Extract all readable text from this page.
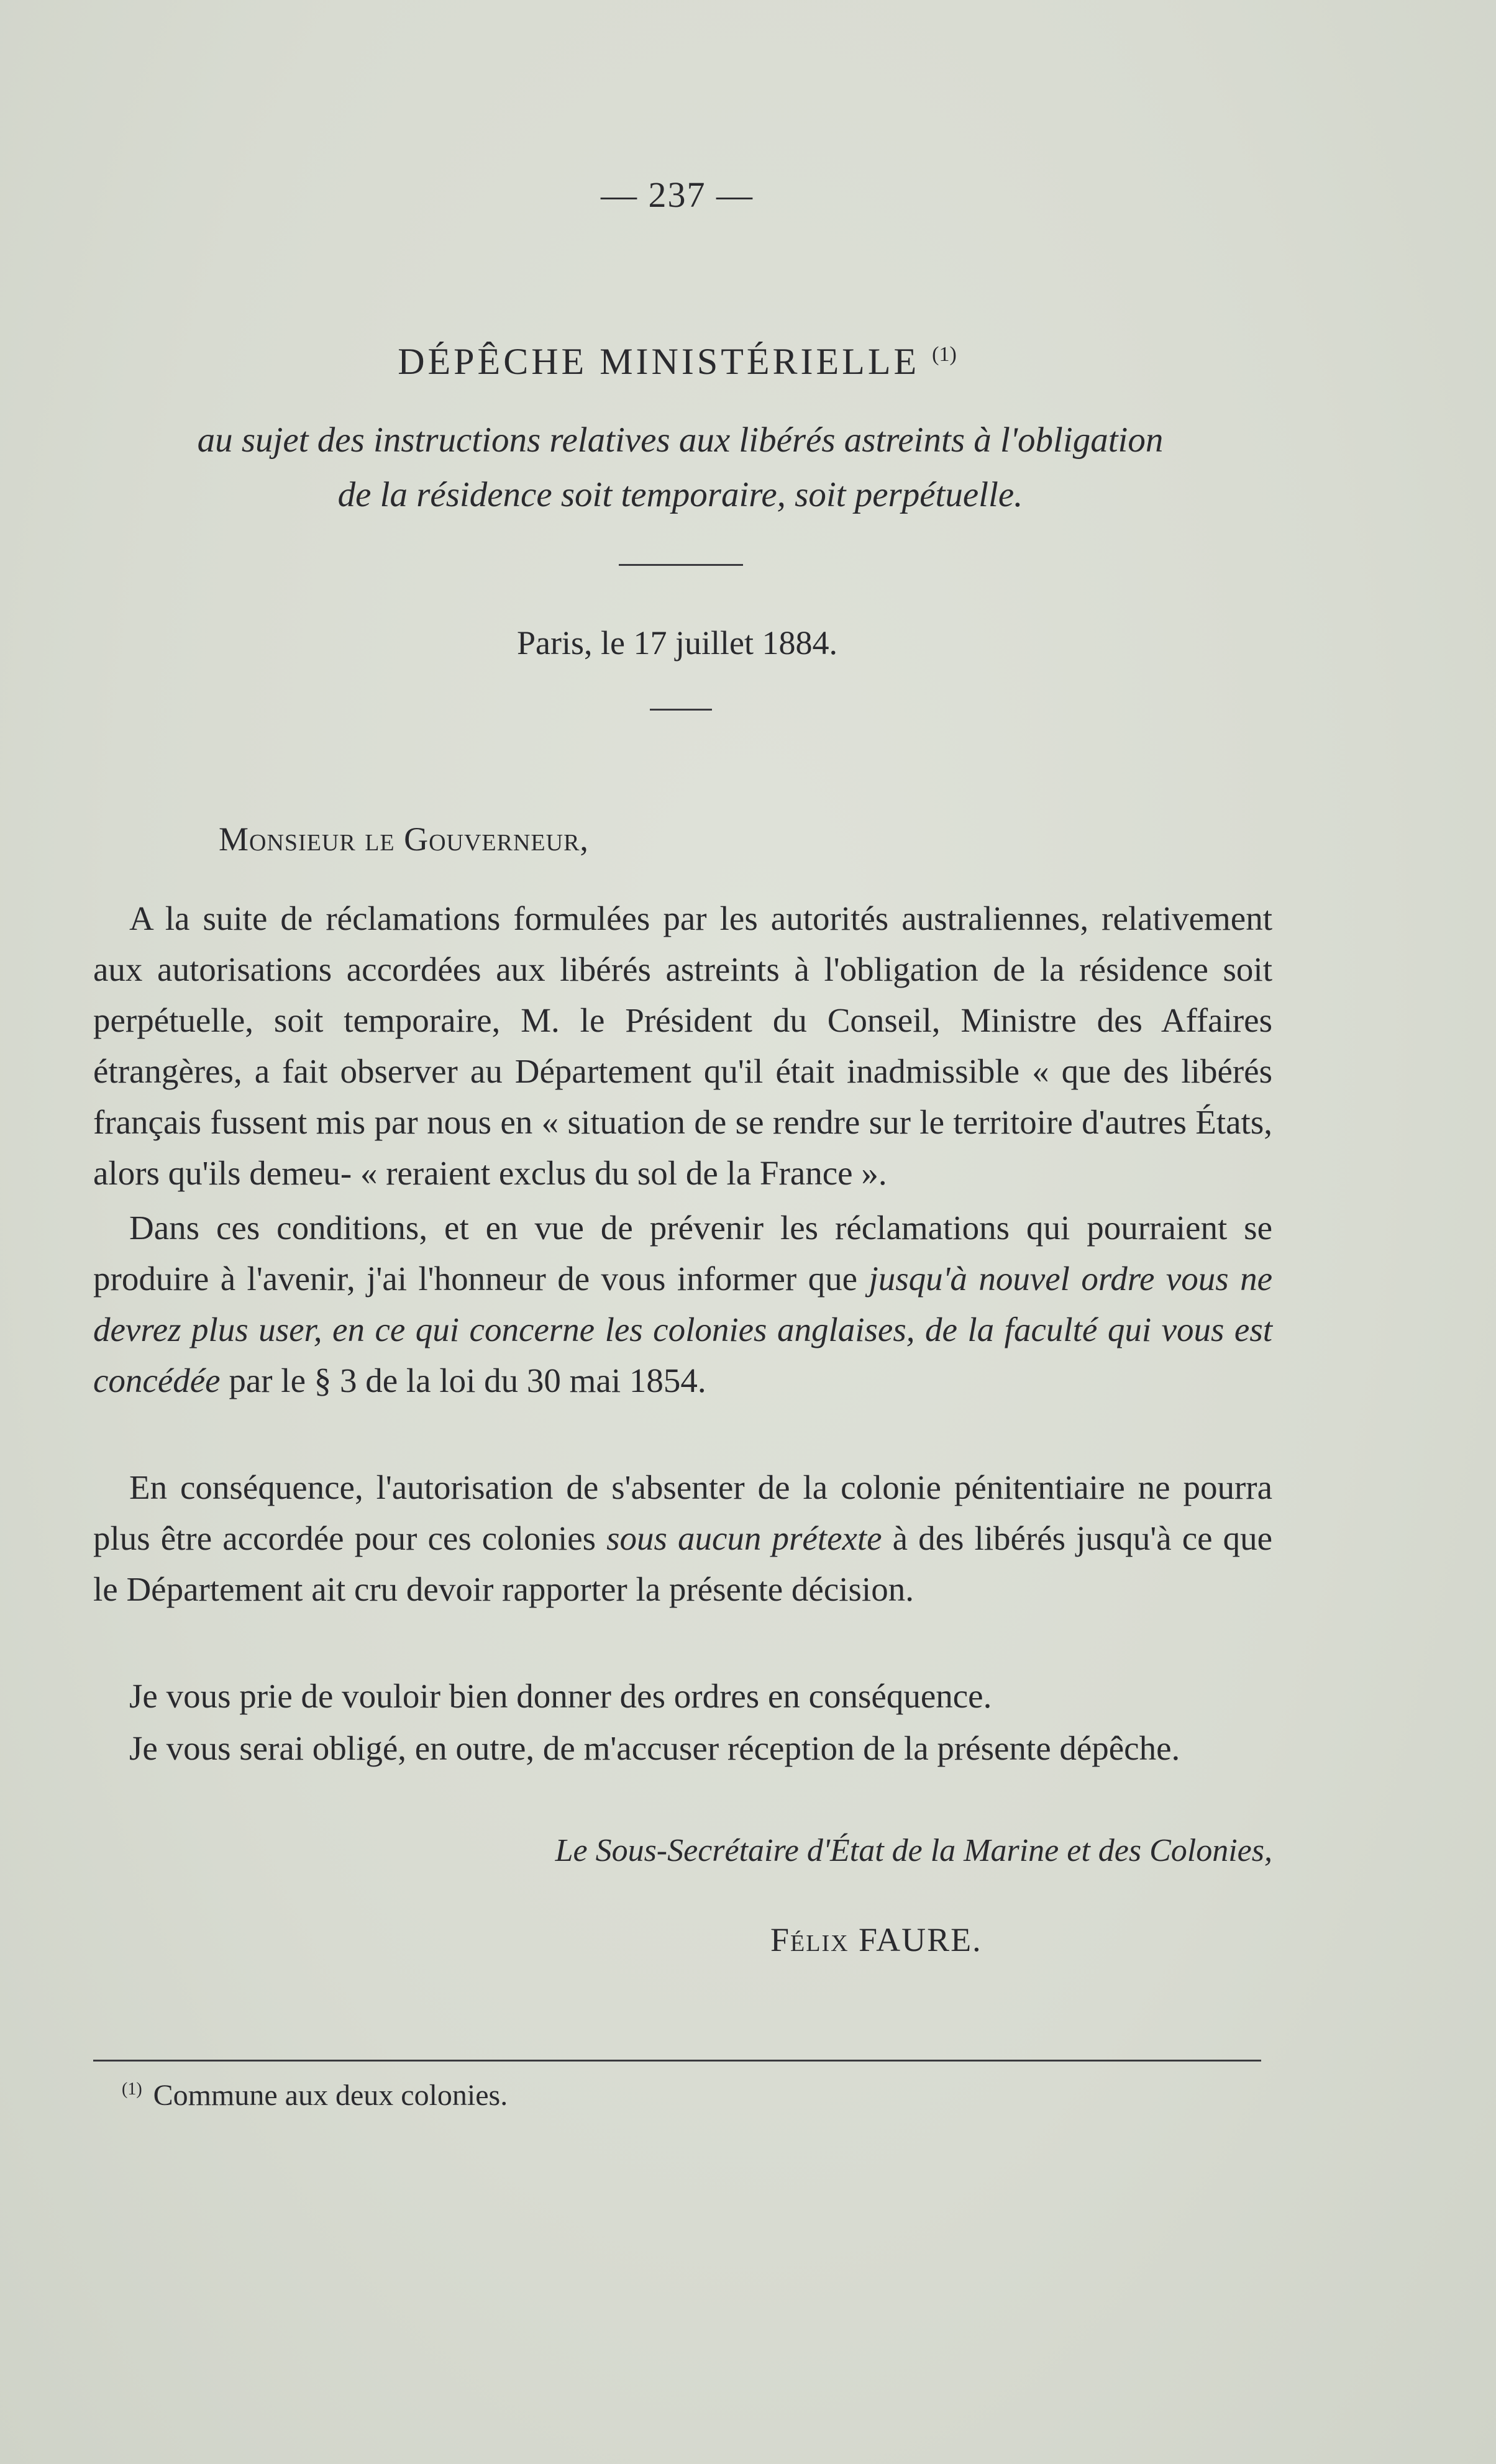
— 237 —
DÉPÊCHE MINISTÉRIELLE $^{(1)}$
au sujet des instructions relatives aux libérés astreints à l'obligation
de la résidence soit temporaire, soit perpétuelle.
Paris, le 17 juillet 1884.
Monsieur le Gouverneur,

A la suite de réclamations formulées par les autorités australiennes, relativement aux autorisations accordées aux libérés astreints à l'obligation de la résidence soit perpétuelle, soit temporaire, M. le Président du Conseil, Ministre des Affaires étrangères, a fait observer au Département qu'il était inadmissible « que des libérés français fussent mis par nous en « situation de se rendre sur le territoire d'autres États, alors qu'ils demeu- « reraient exclus du sol de la France ».

Dans ces conditions, et en vue de prévenir les réclamations qui pourraient se produire à l'avenir, j'ai l'honneur de vous informer que jusqu'à nouvel ordre vous ne devrez plus user, en ce qui concerne les colonies anglaises, de la faculté qui vous est concédée par le § 3 de la loi du 30 mai 1854.

En conséquence, l'autorisation de s'absenter de la colonie pénitentiaire ne pourra plus être accordée pour ces colonies sous aucun prétexte à des libérés jusqu'à ce que le Département ait cru devoir rapporter la présente décision.

Je vous prie de vouloir bien donner des ordres en conséquence.

Je vous serai obligé, en outre, de m'accuser réception de la présente dépêche.

Le Sous-Secrétaire d'État de la Marine et des Colonies,
Félix FAURE.
$^{(1)}$ Commune aux deux colonies.
